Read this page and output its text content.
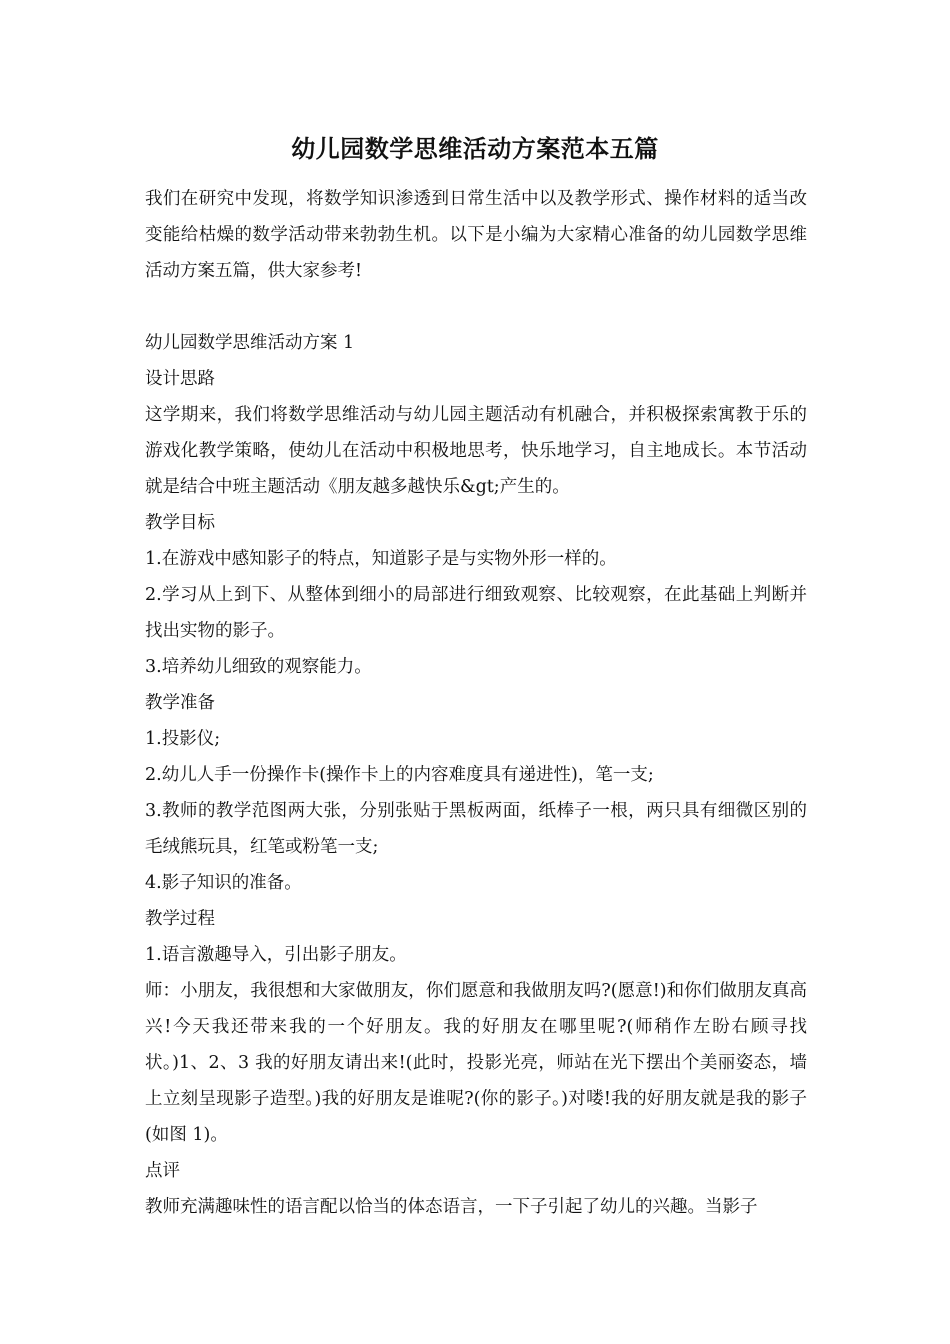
幼儿园数学思维活动方案范本五篇

我们在研究中发现，将数学知识渗透到日常生活中以及教学形式、操作材料的适当改变能给枯燥的数学活动带来勃勃生机。以下是小编为大家精心准备的幼儿园数学思维活动方案五篇，供大家参考!

幼儿园数学思维活动方案 1

设计思路

这学期来，我们将数学思维活动与幼儿园主题活动有机融合，并积极探索寓教于乐的游戏化教学策略，使幼儿在活动中积极地思考，快乐地学习，自主地成长。本节活动就是结合中班主题活动《朋友越多越快乐&gt;产生的。

教学目标

1.在游戏中感知影子的特点，知道影子是与实物外形一样的。

2.学习从上到下、从整体到细小的局部进行细致观察、比较观察，在此基础上判断并找出实物的影子。

3.培养幼儿细致的观察能力。

教学准备

1.投影仪;

2.幼儿人手一份操作卡(操作卡上的内容难度具有递进性)，笔一支;

3.教师的教学范图两大张，分别张贴于黑板两面，纸棒子一根，两只具有细微区别的毛绒熊玩具，红笔或粉笔一支;

4.影子知识的准备。

教学过程

1.语言激趣导入，引出影子朋友。

师：小朋友，我很想和大家做朋友，你们愿意和我做朋友吗?(愿意!)和你们做朋友真高兴!今天我还带来我的一个好朋友。我的好朋友在哪里呢?(师稍作左盼右顾寻找状。)1、2、3 我的好朋友请出来!(此时，投影光亮，师站在光下摆出个美丽姿态，墙上立刻呈现影子造型。)我的好朋友是谁呢?(你的影子。)对喽!我的好朋友就是我的影子(如图 1)。

点评

教师充满趣味性的语言配以恰当的体态语言，一下子引起了幼儿的兴趣。当影子
